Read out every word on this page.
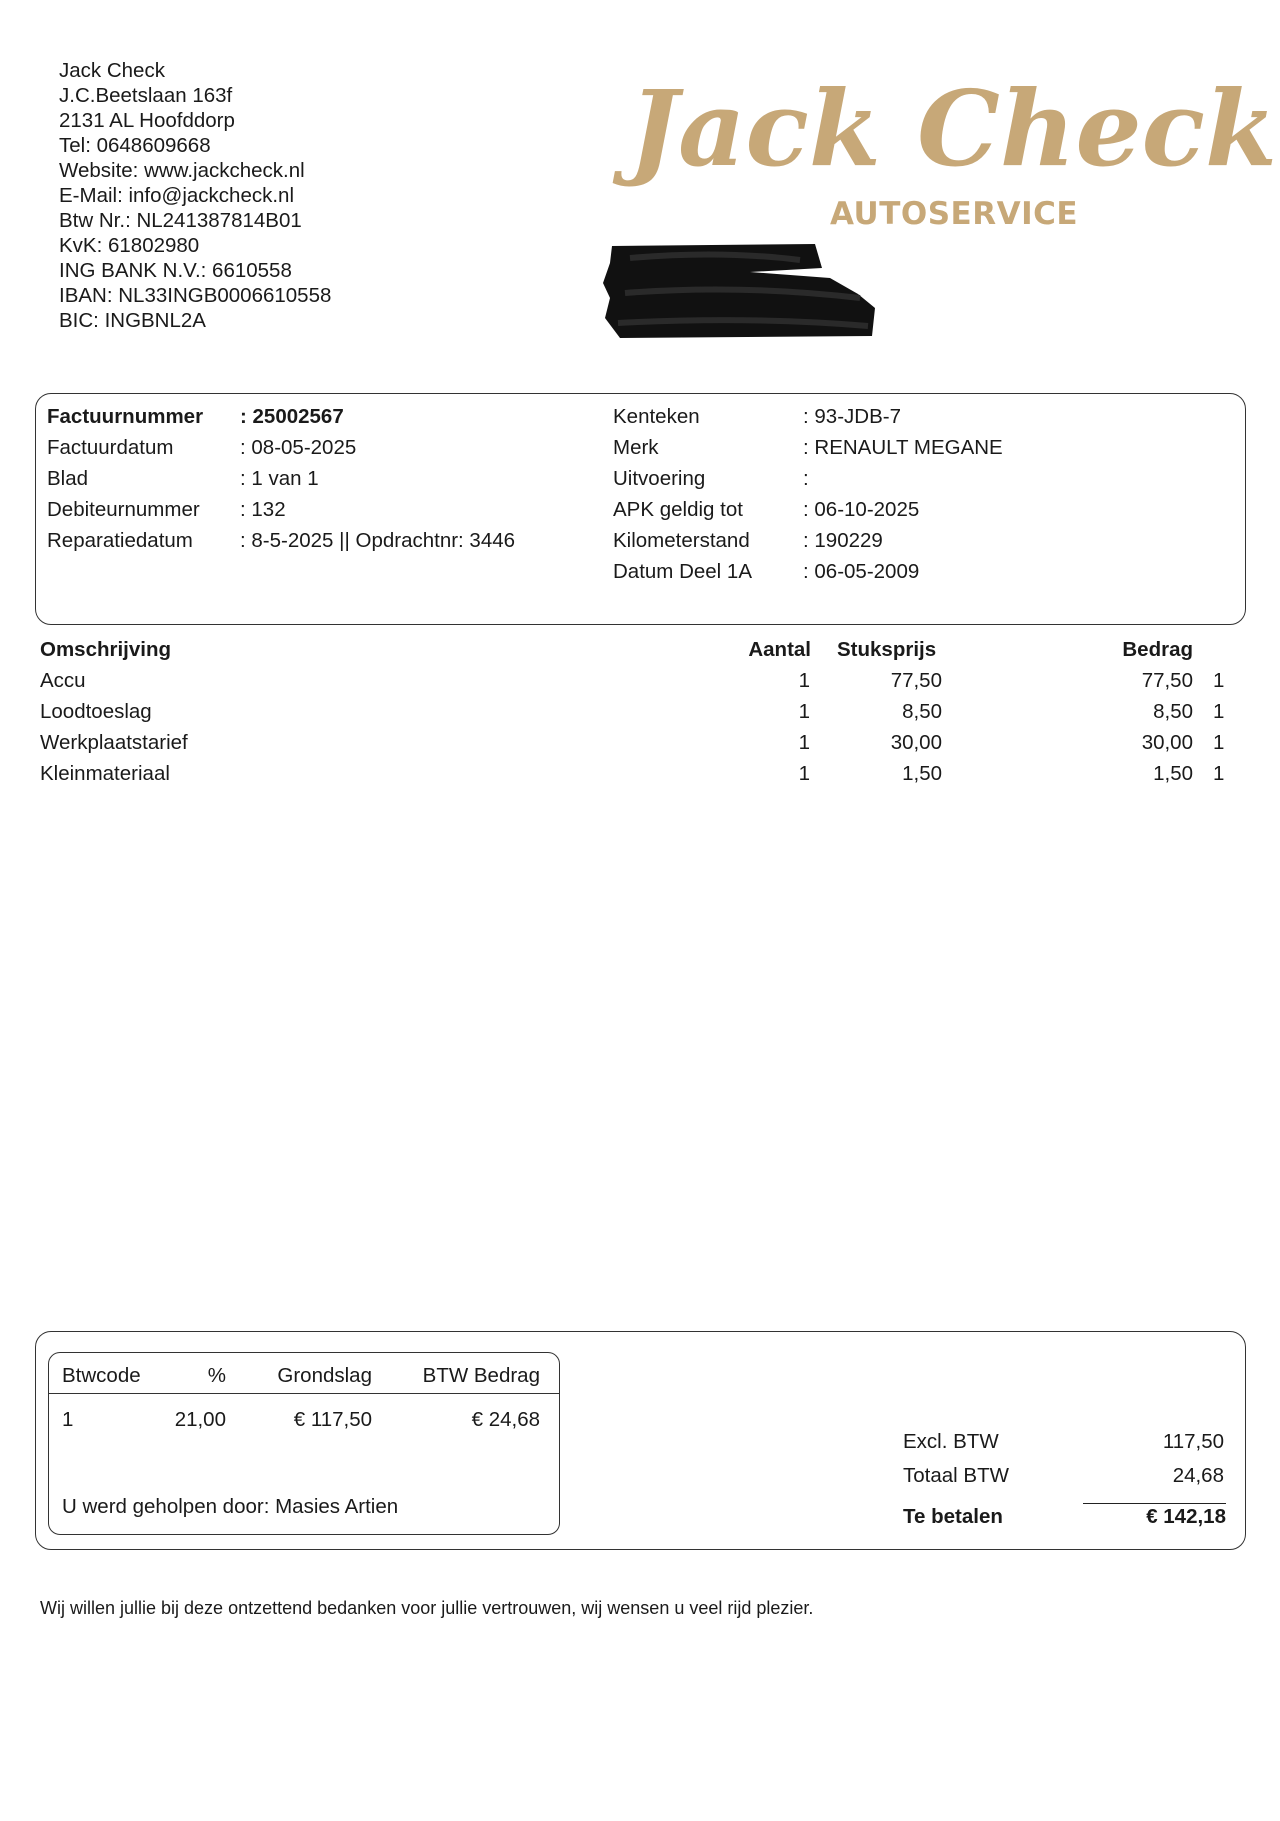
Jack Check
J.C.Beetslaan 163f
2131 AL Hoofddorp
Tel: 0648609668
Website: www.jackcheck.nl
E-Mail: info@jackcheck.nl
Btw Nr.: NL241387814B01
KvK: 61802980
ING BANK N.V.: 6610558
IBAN: NL33INGB0006610558
BIC: INGBNL2A
Jack Check
AUTOSERVICE
Factuurnummer : 25002567
Factuurdatum	: 08-05-2025
Blad	: 1 van 1
Debiteurnummer : 132
Reparatiedatum : 8-5-2025 || Opdrachtnr: 3446
Kenteken	: 93-JDB-7
Merk	: RENAULT MEGANE
Uitvoering	:
APK geldig tot	: 06-10-2025
Kilometerstand	: 190229
Datum Deel 1A : 06-05-2009
Omschrijving	Aantal Stuksprijs	Bedrag
Accu	1	77,50	77,50 1
Loodtoeslag	1	8,50	8,50 1
Werkplaatstarief	1	30,00	30,00 1
Kleinmateriaal	1	1,50	1,50 1
Btwcode	%	Grondslag	BTW Bedrag
1	21,00	€ 117,50	€ 24,68
U werd geholpen door: Masies Artien
Excl. BTW	117,50
Totaal BTW	24,68
Te betalen	€ 142,18
Wij willen jullie bij deze ontzettend bedanken voor jullie vertrouwen, wij wensen u veel rijd plezier.
